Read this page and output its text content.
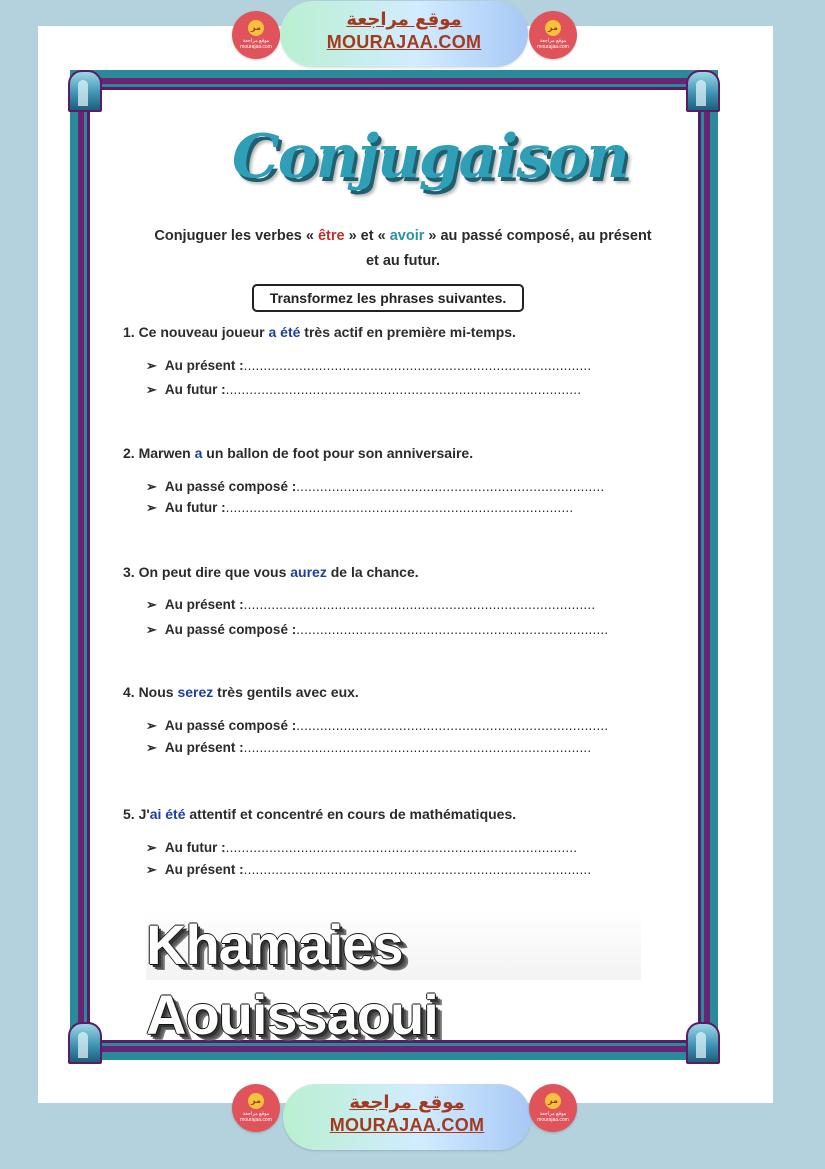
مر
موقع مراجعة mourajaa.com
موقع مراجعة
MOURAJAA.COM
مر
موقع مراجعة mourajaa.com
Conjugaison
Conjuguer les verbes « être » et « avoir » au passé composé, au présent
et au futur.
Transformez les phrases suivantes.
1. Ce nouveau joueur a été très actif en première mi-temps.
➢ Au présent :........................................................................................
➢ Au futur :..........................................................................................
2. Marwen a un ballon de foot pour son anniversaire.
➢ Au passé composé :..............................................................................
➢ Au futur :........................................................................................
3. On peut dire que vous aurez de la chance.
➢ Au présent :.........................................................................................
➢ Au passé composé :...............................................................................
4. Nous serez très gentils avec eux.
➢ Au passé composé :...............................................................................
➢ Au présent :........................................................................................
5. J'ai été attentif et concentré en cours de mathématiques.
➢ Au futur :.........................................................................................
➢ Au présent :........................................................................................
Khamaies Aouissaoui
مر
موقع مراجعة mourajaa.com
موقع مراجعة
MOURAJAA.COM
مر
موقع مراجعة mourajaa.com
